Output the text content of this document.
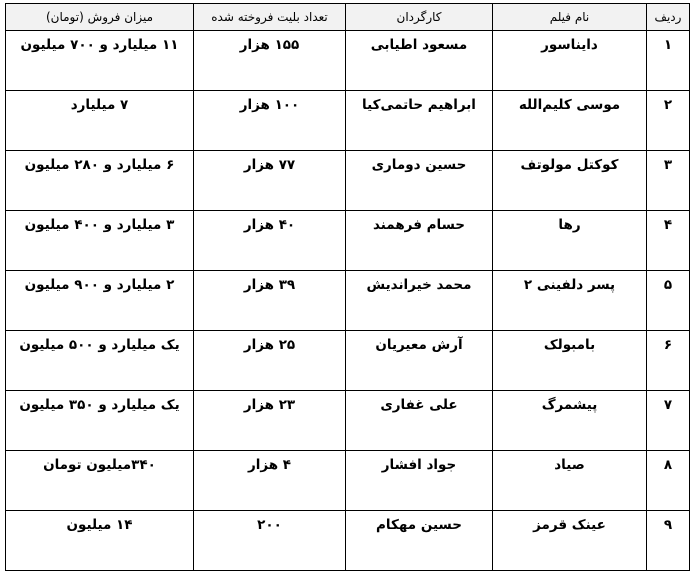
ردیف	نام فیلم	کارگردان	تعداد بلیت فروخته شده	میزان فروش (تومان)

۱	دایناسور	مسعود اطیابی	۱۵۵ هزار	۱۱ میلیارد و ۷۰۰ میلیون

۲	موسی کلیم‌الله	ابراهیم حاتمی‌کیا	۱۰۰ هزار	۷ میلیارد

۳	کوکتل مولوتف	حسین دوماری	۷۷ هزار	۶ میلیارد و ۲۸۰ میلیون

۴	رها	حسام فرهمند	۴۰ هزار	۳ میلیارد و ۴۰۰ میلیون

۵	پسر دلفینی ۲	محمد خیراندیش	۳۹ هزار	۲ میلیارد و ۹۰۰ میلیون

۶	بامبولک	آرش معیریان	۲۵ هزار	یک میلیارد و ۵۰۰ میلیون

۷	پیشمرگ	علی غفاری	۲۳ هزار	یک میلیارد و ۳۵۰ میلیون

۸	صیاد	جواد افشار	۴ هزار	۳۴۰میلیون تومان

۹	عینک قرمز	حسین مهکام	۲۰۰	۱۴ میلیون
